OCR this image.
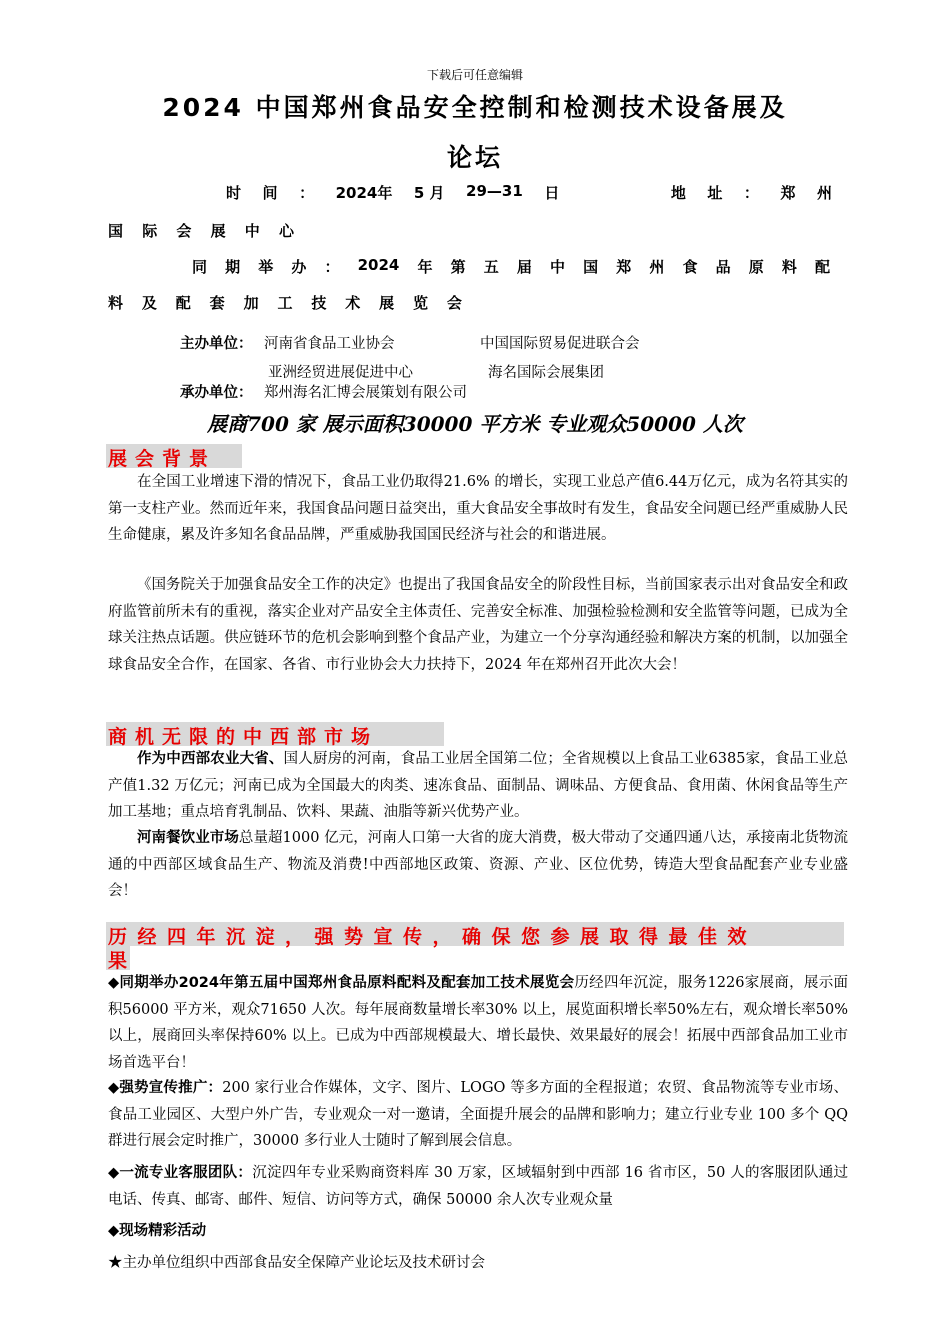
下载后可任意编辑
2024 中国郑州食品安全控制和检测技术设备展及
论坛
时 间 ： 2024年 5 月 29—31 日	地 址 ： 郑 州
国 际 会 展 中 心
同 期 举 办 ： 2024 年 第 五 届 中 国 郑 州 食 品 原 料 配
料 及 配 套 加 工 技 术 展 览 会
主办单位： 河南省食品工业协会	中国国际贸易促进联合会
亚洲经贸进展促进中心	海名国际会展集团
承办单位： 郑州海名汇博会展策划有限公司
展商700 家 展示面积30000 平方米 专业观众50000 人次
展会背景
在全国工业增速下滑的情况下，食品工业仍取得21.6% 的增长，实现工业总产值6.44万亿元，成为名符其实的第一支柱产业。然而近年来，我国食品问题日益突出，重大食品安全事故时有发生，食品安全问题已经严重威胁人民生命健康，累及许多知名食品品牌，严重威胁我国国民经济与社会的和谐进展。
《国务院关于加强食品安全工作的决定》也提出了我国食品安全的阶段性目标，当前国家表示出对食品安全和政府监管前所未有的重视，落实企业对产品安全主体责任、完善安全标准、加强检验检测和安全监管等问题，已成为全球关注热点话题。供应链环节的危机会影响到整个食品产业，为建立一个分享沟通经验和解决方案的机制，以加强全球食品安全合作，在国家、各省、市行业协会大力扶持下，2024 年在郑州召开此次大会！
商机无限的中西部市场
作为中西部农业大省、国人厨房的河南，食品工业居全国第二位；全省规模以上食品工业6385家，食品工业总产值1.32 万亿元；河南已成为全国最大的肉类、速冻食品、面制品、调味品、方便食品、食用菌、休闲食品等生产加工基地；重点培育乳制品、饮料、果蔬、油脂等新兴优势产业。
河南餐饮业市场总量超1000 亿元，河南人口第一大省的庞大消费，极大带动了交通四通八达，承接南北货物流通的中西部区域食品生产、物流及消费!中西部地区政策、资源、产业、区位优势，铸造大型食品配套产业专业盛会！
历经四年沉淀，强势宣传，确保您参展取得最佳效
果
◆同期举办2024年第五届中国郑州食品原料配料及配套加工技术展览会历经四年沉淀，服务1226家展商，展示面积56000 平方米，观众71650 人次。每年展商数量增长率30% 以上，展览面积增长率50%左右，观众增长率50% 以上，展商回头率保持60% 以上。已成为中西部规模最大、增长最快、效果最好的展会！拓展中西部食品加工业市场首选平台！
◆强势宣传推广：200 家行业合作媒体，文字、图片、LOGO 等多方面的全程报道；农贸、食品物流等专业市场、食品工业园区、大型户外广告，专业观众一对一邀请，全面提升展会的品牌和影响力；建立行业专业 100 多个 QQ 群进行展会定时推广，30000 多行业人士随时了解到展会信息。
◆一流专业客服团队：沉淀四年专业采购商资料库 30 万家，区域辐射到中西部 16 省市区，50 人的客服团队通过电话、传真、邮寄、邮件、短信、访问等方式，确保 50000 余人次专业观众量
◆现场精彩活动
★主办单位组织中西部食品安全保障产业论坛及技术研讨会
